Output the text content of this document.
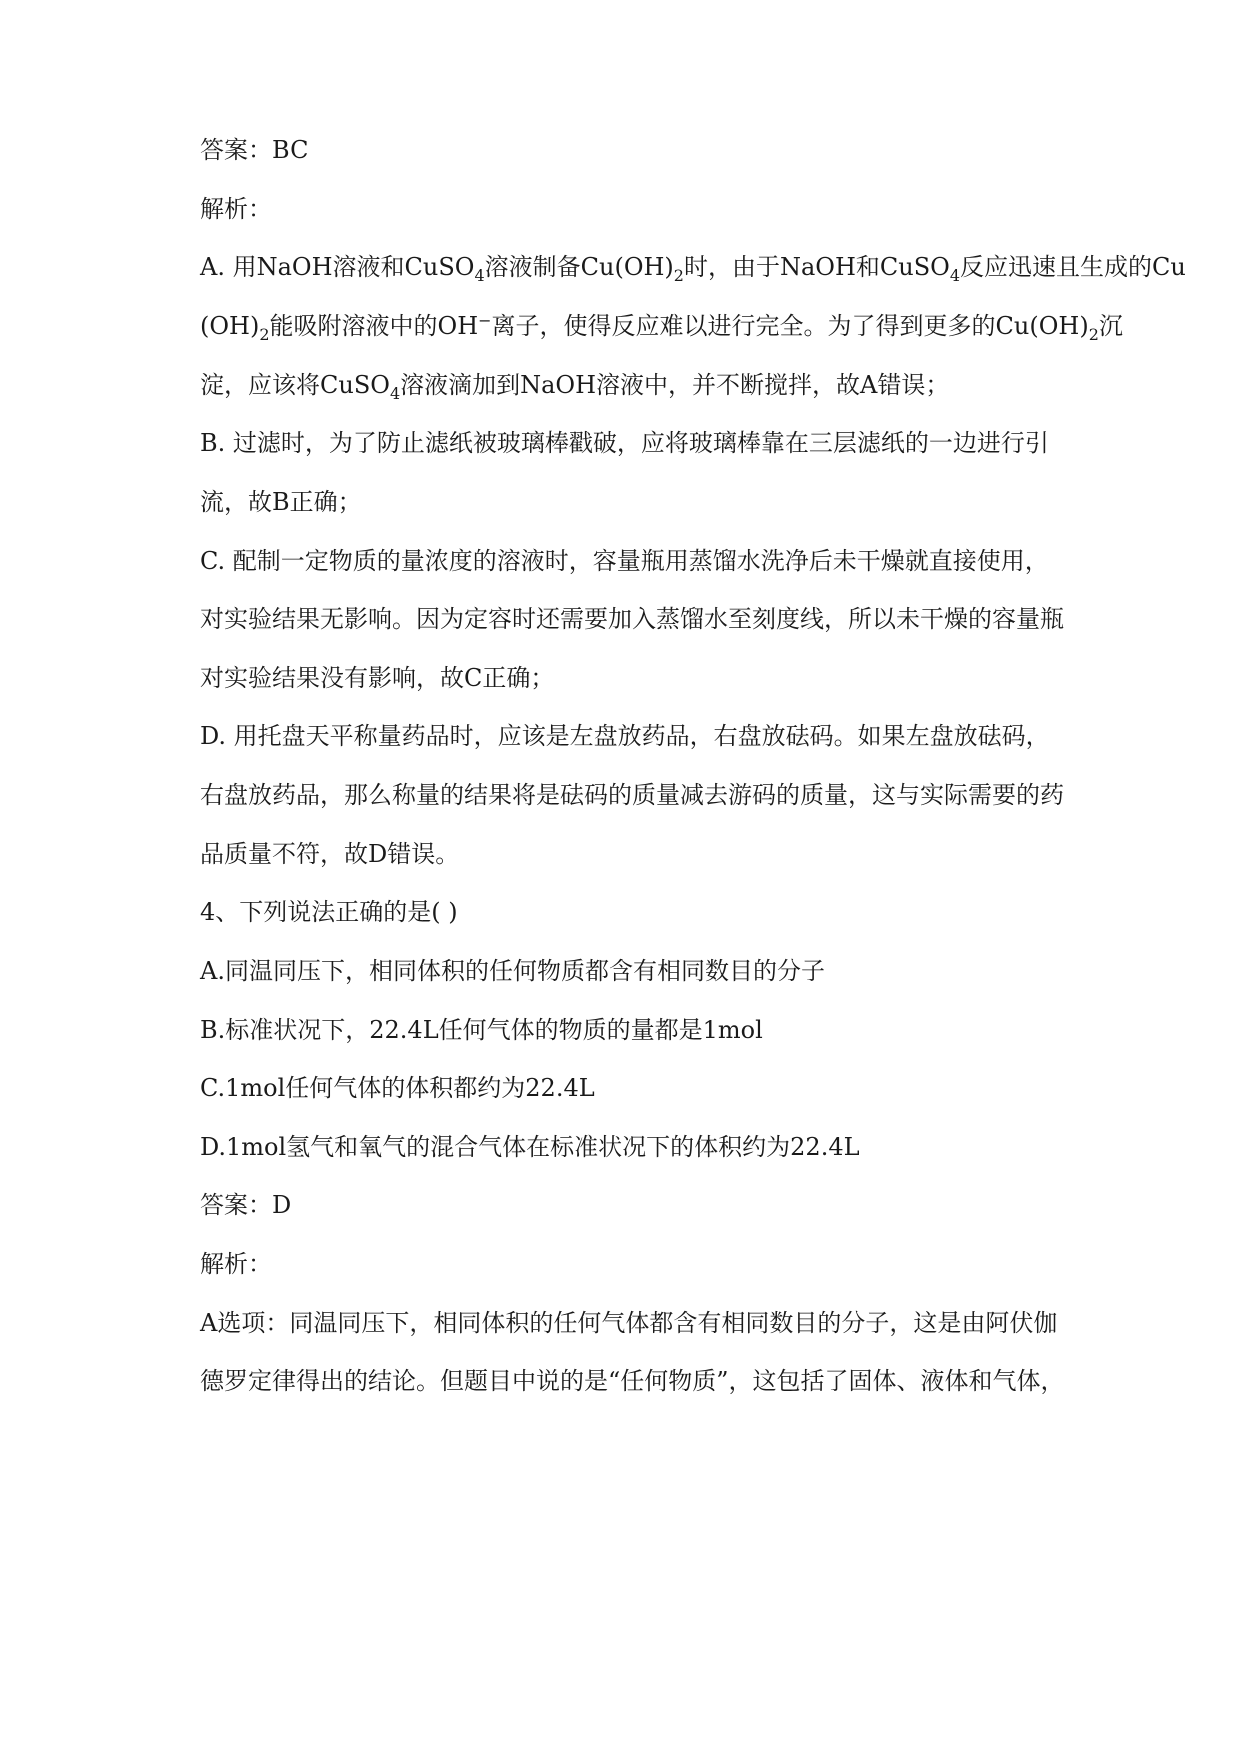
答案：BC
解析：
A. 用NaOH溶液和CuSO$_4$溶液制备$Cu(OH)_2$时，由于NaOH和CuSO$_4$反应迅速且生成的Cu
$(OH)_2$能吸附溶液中的OH−离子，使得反应难以进行完全。为了得到更多的$Cu(OH)_2$沉
淀，应该将CuSO$_4$溶液滴加到NaOH溶液中，并不断搅拌，故A错误；
B. 过滤时，为了防止滤纸被玻璃棒戳破，应将玻璃棒靠在三层滤纸的一边进行引
流，故B正确；
C. 配制一定物质的量浓度的溶液时，容量瓶用蒸馏水洗净后未干燥就直接使用，
对实验结果无影响。因为定容时还需要加入蒸馏水至刻度线，所以未干燥的容量瓶
对实验结果没有影响，故C正确；
D. 用托盘天平称量药品时，应该是左盘放药品，右盘放砝码。如果左盘放砝码，
右盘放药品，那么称量的结果将是砝码的质量减去游码的质量，这与实际需要的药
品质量不符，故D错误。
4、下列说法正确的是( )
A.同温同压下，相同体积的任何物质都含有相同数目的分子
B.标准状况下，22.4L任何气体的物质的量都是1mol
C.1mol任何气体的体积都约为22.4L
D.1mol氢气和氧气的混合气体在标准状况下的体积约为22.4L
答案：D
解析：
A选项：同温同压下，相同体积的任何气体都含有相同数目的分子，这是由阿伏伽
德罗定律得出的结论。但题目中说的是“任何物质”，这包括了固体、液体和气体，
